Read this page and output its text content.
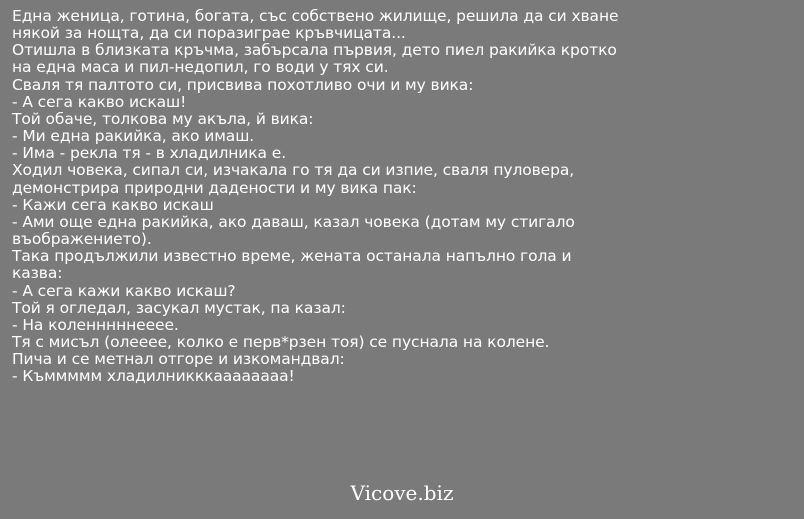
Една женица, готина, богата, със собствено жилище, решила да си хване
някой за нощта, да си поразиграе кръвчицата...
Отишла в близката кръчма, забърсала първия, дето пиел ракийка кротко
на една маса и пил-недопил, го води у тях си.
Сваля тя палтото си, присвива похотливо очи и му вика:
- А сега какво искаш!
Той обаче, толкова му акъла, й вика:
- Ми една ракийка, ако имаш.
- Има - рекла тя - в хладилника е.
Ходил човека, сипал си, изчакала го тя да си изпие, сваля пуловера,
демонстрира природни дадености и му вика пак:
- Кажи сега какво искаш
- Ами още една ракийка, ако даваш, казал човека (дотам му стигало
въображението).
Така продължили известно време, жената останала напълно гола и
казва:
- А сега кажи какво искаш?
Той я огледал, засукал мустак, па казал:
- На коленннннееее.
Тя с мисъл (олееее, колко е перв*рзен тоя) се пуснала на колене.
Пича и се метнал отгоре и изкомандвал:
- Къммммм хладилникккаааааааа!
Vicove.biz
